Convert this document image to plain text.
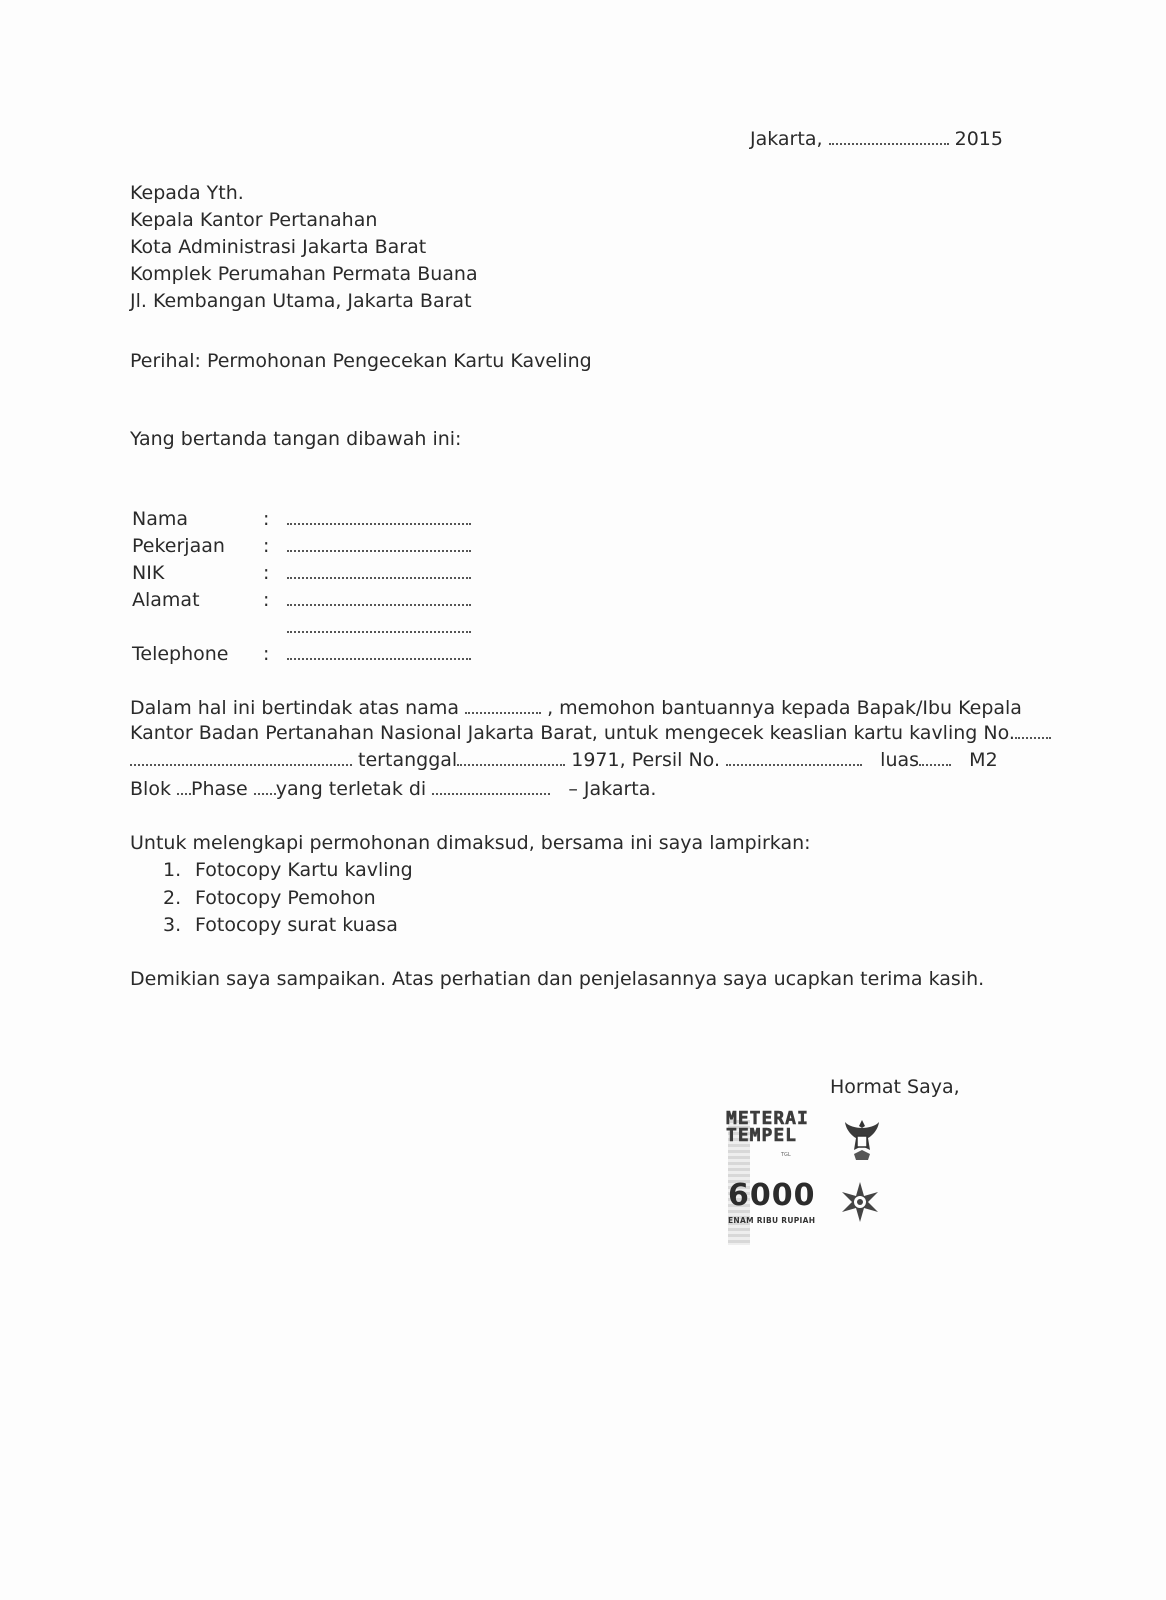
Jakarta,	2015
Kepada Yth.
Kepala Kantor Pertanahan
Kota Administrasi Jakarta Barat
Komplek Perumahan Permata Buana
Jl. Kembangan Utama, Jakarta Barat
Perihal: Permohonan Pengecekan Kartu Kaveling
Yang bertanda tangan dibawah ini:
Nama	:
Pekerjaan :
NIK	:
Alamat	:
Telephone :
Dalam hal ini bertindak atas nama	, memohon bantuannya kepada Bapak/Ibu Kepala
Kantor Badan Pertanahan Nasional Jakarta Barat, untuk mengecek keaslian kartu kavling No.
tertanggal	1971, Persil No.	luas	M2
Blok Phase yang terletak di	– Jakarta.
Untuk melengkapi permohonan dimaksud, bersama ini saya lampirkan:
1. Fotocopy Kartu kavling
2. Fotocopy Pemohon
3. Fotocopy surat kuasa
Demikian saya sampaikan. Atas perhatian dan penjelasannya saya ucapkan terima kasih.
Hormat Saya,
METERAI
TEMPEL
TGL
6000
ENAM RIBU RUPIAH
